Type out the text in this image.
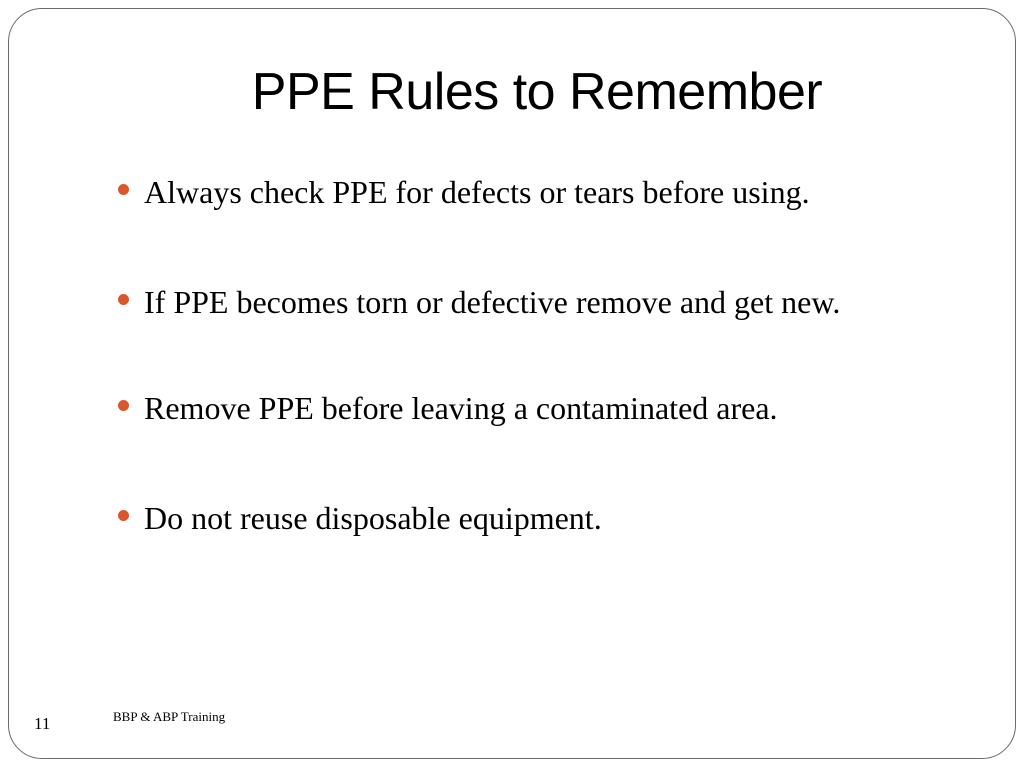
PPE Rules to Remember
Always check PPE for defects or tears before using.
If PPE becomes torn or defective remove and get new.
Remove PPE before leaving a contaminated area.
Do not reuse disposable equipment.
11	BBP & ABP Training
